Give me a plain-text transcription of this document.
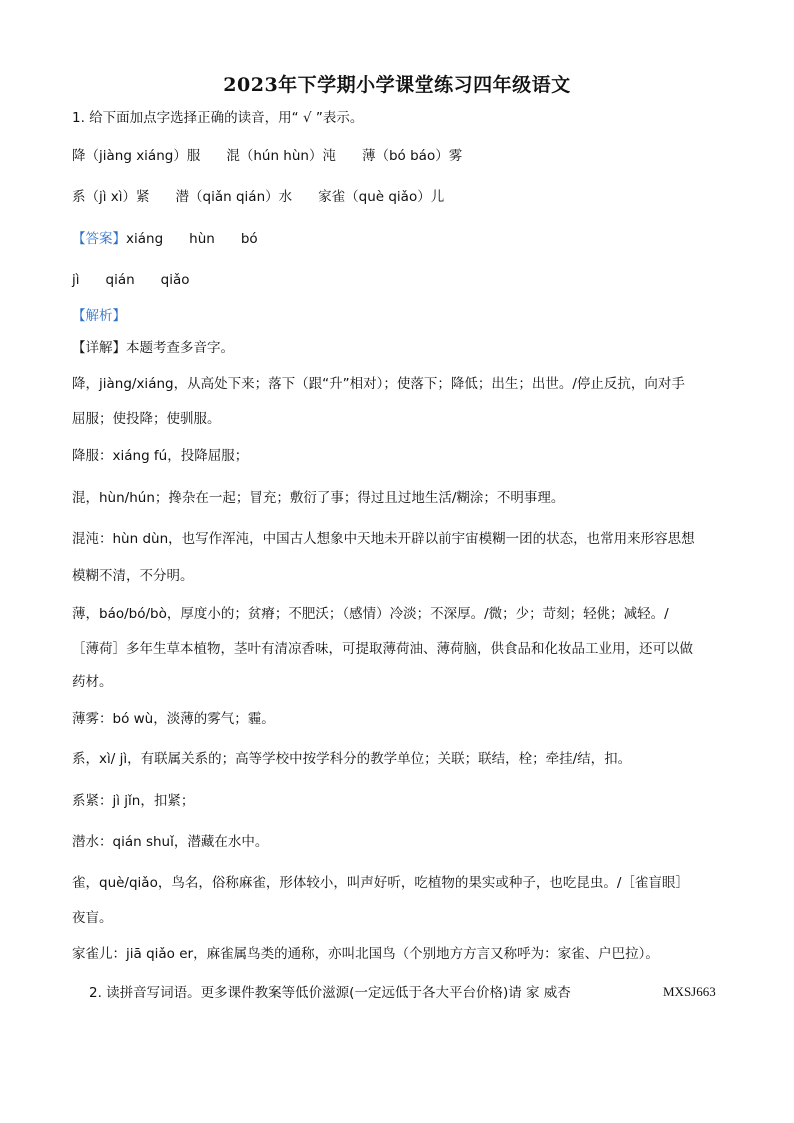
2023年下学期小学课堂练习四年级语文
1. 给下面加点字选择正确的读音，用“ √ ”表示。
降（jiàng xiáng）服 混（hún hùn）沌 薄（bó báo）雾
系（jì xì）紧 潜（qiǎn qián）水 家雀（què qiǎo）儿
【答案】xiáng hùn bó
jì qián qiǎo
【解析】
【详解】本题考查多音字。
降，jiàng/xiáng，从高处下来；落下（跟“升”相对）；使落下；降低；出生；出世。/停止反抗，向对手
屈服；使投降；使驯服。
降服：xiáng fú，投降屈服；
混，hùn/hún；搀杂在一起；冒充；敷衍了事；得过且过地生活/糊涂；不明事理。
混沌：hùn dùn，也写作浑沌，中国古人想象中天地未开辟以前宇宙模糊一团的状态，也常用来形容思想
模糊不清，不分明。
薄，báo/bó/bò，厚度小的；贫瘠；不肥沃；（感情）冷淡；不深厚。/微；少；苛刻；轻佻；减轻。/
［薄荷］多年生草本植物，茎叶有清凉香味，可提取薄荷油、薄荷脑，供食品和化妆品工业用，还可以做
药材。
薄雾：bó wù，淡薄的雾气；霾。
系，xì/ jì，有联属关系的；高等学校中按学科分的教学单位；关联；联结，栓；牵挂/结，扣。
系紧：jì jǐn，扣紧；
潜水：qián shuǐ，潜藏在水中。
雀，què/qiǎo，鸟名，俗称麻雀，形体较小，叫声好听，吃植物的果实或种子，也吃昆虫。/［雀盲眼］
夜盲。
家雀儿：jiā qiǎo er，麻雀属鸟类的通称，亦叫北国鸟（个别地方方言又称呼为：家雀、户巴拉）。
2. 读拼音写词语。更多课件教案等低价滋源(一定远低于各大平台价格)请 家 威杏	MXSJ663
